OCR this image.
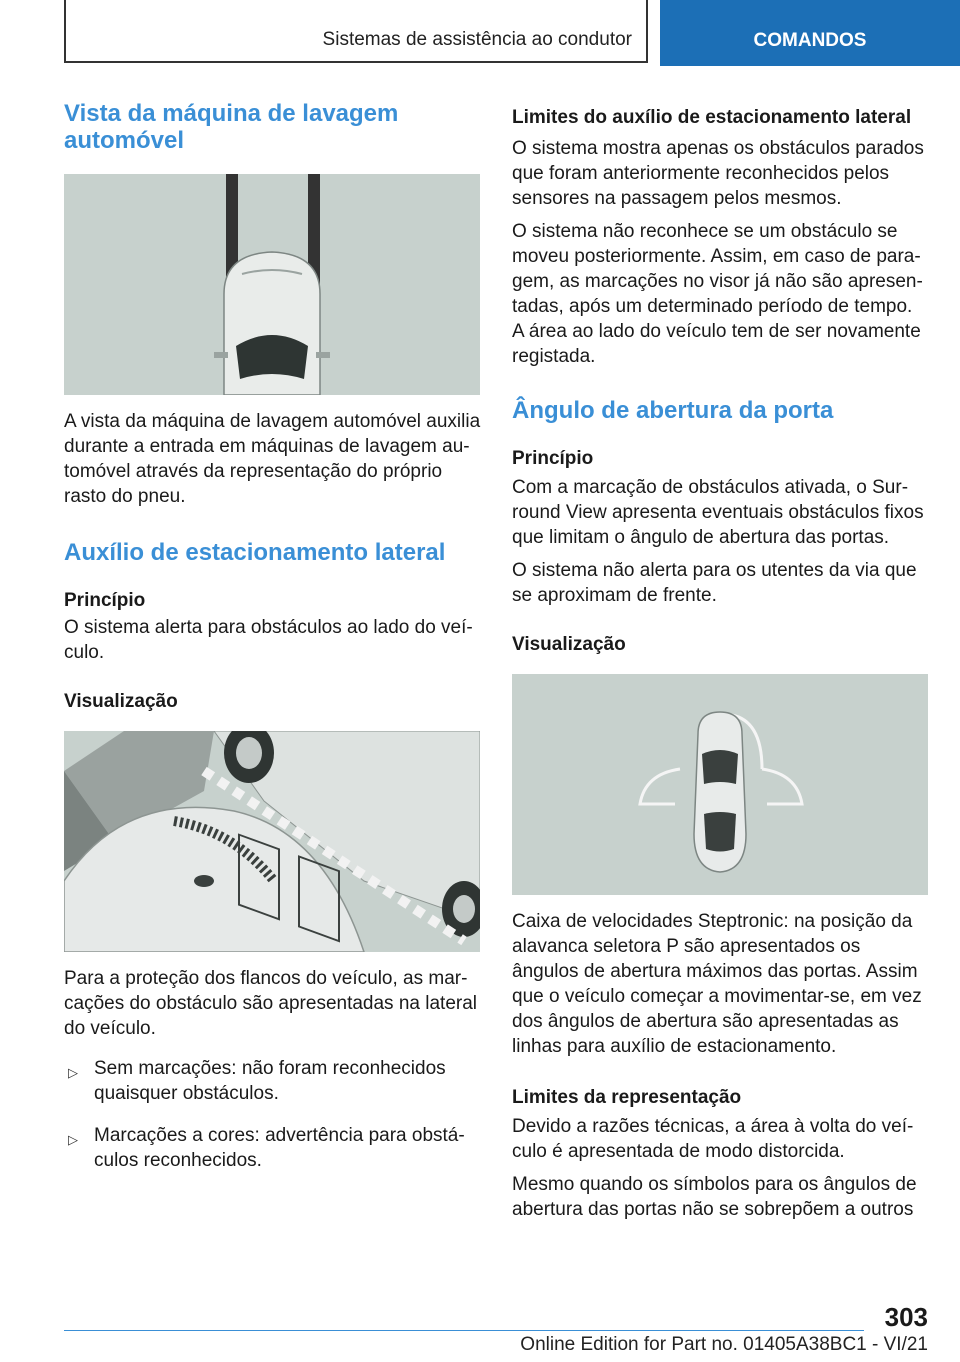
Sistemas de assistência ao condutor	COMANDOS
Vista da máquina de lavagem automóvel

A vista da máquina de lavagem automóvel auxilia durante a entrada em máquinas de lavagem au-tomóvel através da representação do próprio rasto do pneu.

Auxílio de estacionamento lateral
Princípio

O sistema alerta para obstáculos ao lado do veí-culo.

Visualização

Para a proteção dos flancos do veículo, as mar-cações do obstáculo são apresentadas na lateral do veículo.

▷ Sem marcações: não foram reconhecidos quaisquer obstáculos.
▷ Marcações a cores: advertência para obstá-culos reconhecidos.
Limites do auxílio de estacionamento lateral

O sistema mostra apenas os obstáculos parados que foram anteriormente reconhecidos pelos sensores na passagem pelos mesmos.

O sistema não reconhece se um obstáculo se moveu posteriormente. Assim, em caso de para-gem, as marcações no visor já não são apresen-tadas, após um determinado período de tempo. A área ao lado do veículo tem de ser novamente registada.

Ângulo de abertura da porta
Princípio

Com a marcação de obstáculos ativada, o Sur-round View apresenta eventuais obstáculos fixos que limitam o ângulo de abertura das portas.

O sistema não alerta para os utentes da via que se aproximam de frente.

Visualização

Caixa de velocidades Steptronic: na posição da alavanca seletora P são apresentados os ângulos de abertura máximos das portas. Assim que o veículo começar a movimentar-se, em vez dos ângulos de abertura são apresentadas as linhas para auxílio de estacionamento.

Limites da representação

Devido a razões técnicas, a área à volta do veí-culo é apresentada de modo distorcida.

Mesmo quando os símbolos para os ângulos de abertura das portas não se sobrepõem a outros

303
Online Edition for Part no. 01405A38BC1 - VI/21
